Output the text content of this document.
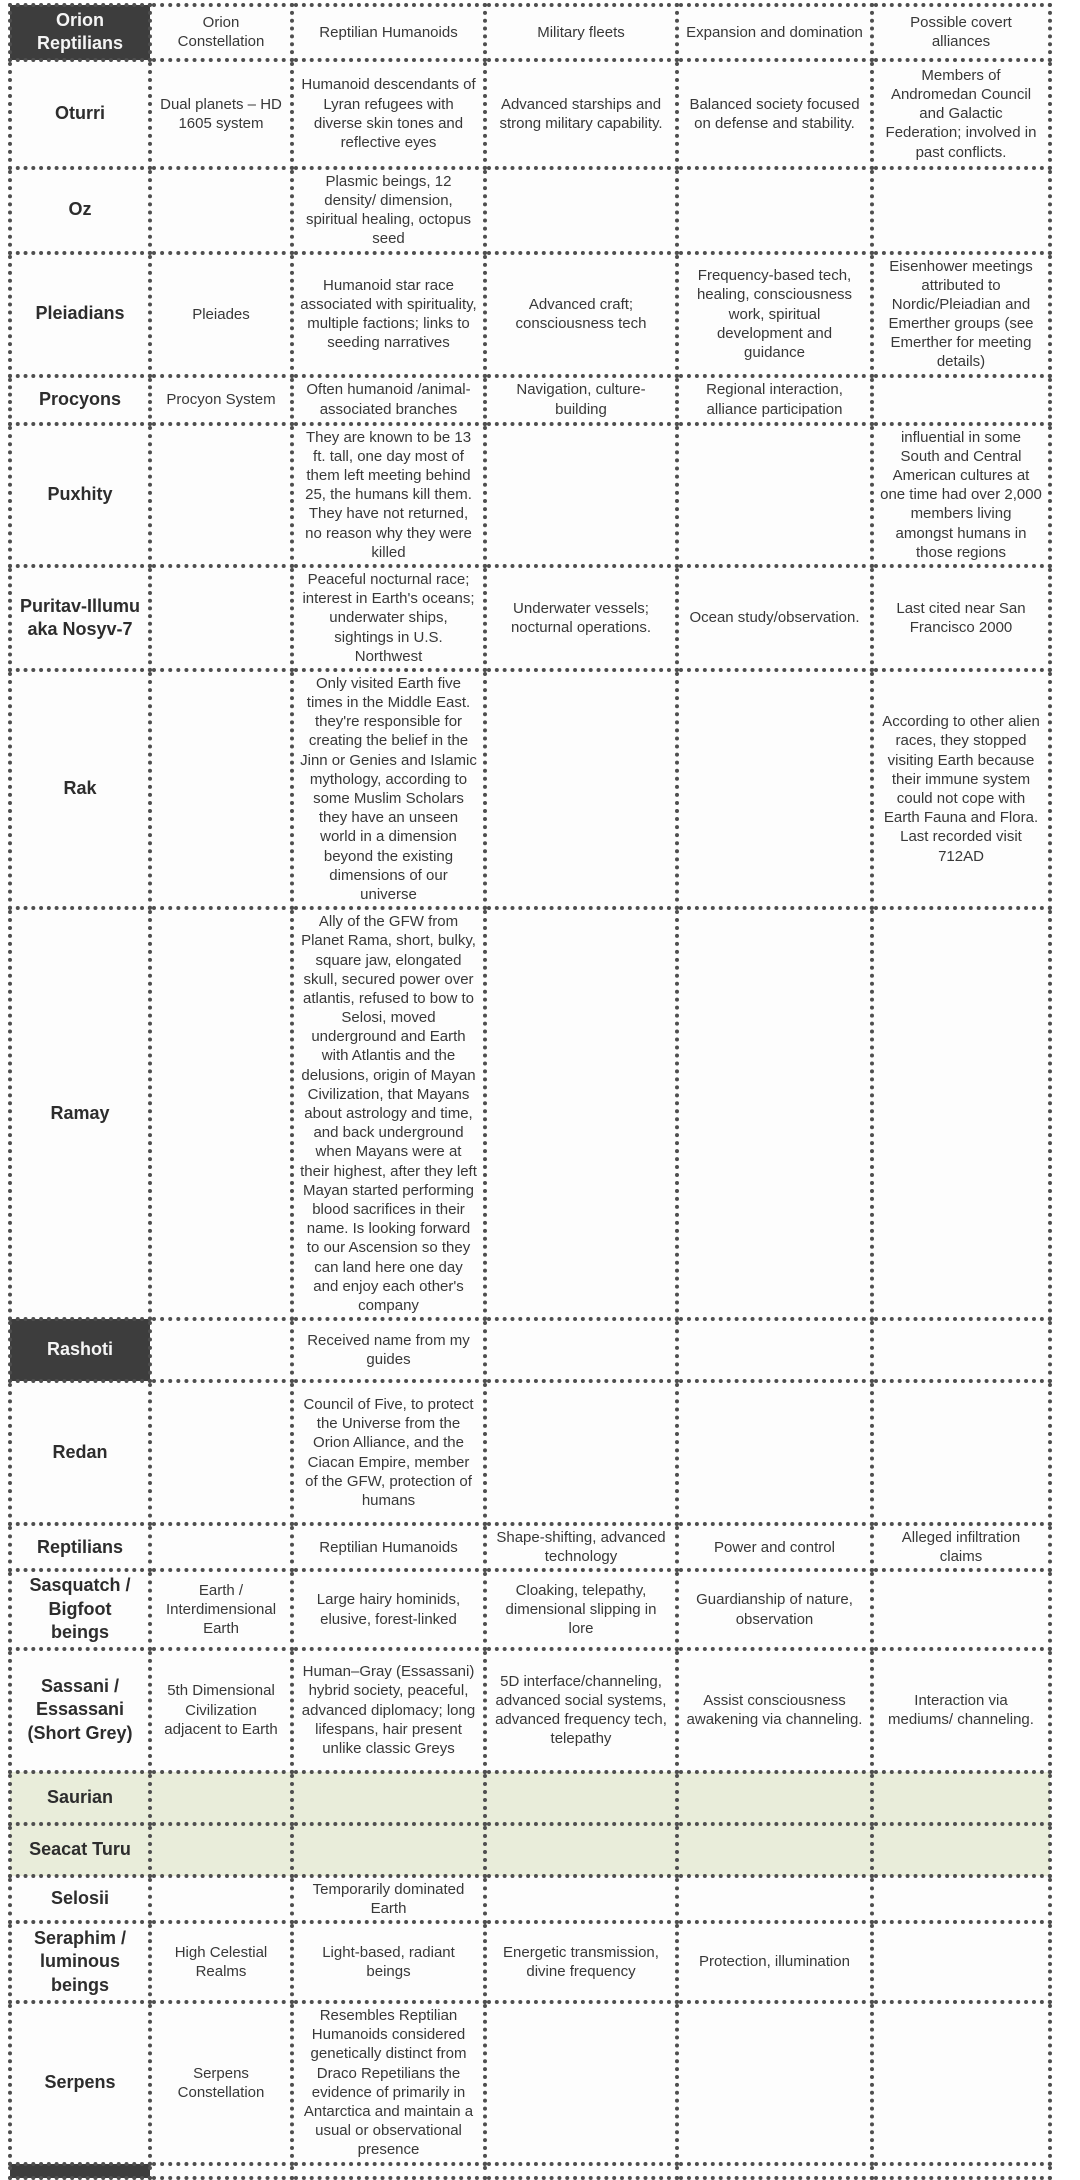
Orion Reptilians	Orion Constellation	Reptilian Humanoids	Military fleets	Expansion and domination	Possible covert alliances
Oturri	Dual planets – HD 1605 system	Humanoid descendants of Lyran refugees with diverse skin tones and reflective eyes	Advanced starships and strong military capability.	Balanced society focused on defense and stability.	Members of Andromedan Council and Galactic Federation; involved in past conflicts.
Oz		Plasmic beings, 12 density/ dimension, spiritual healing, octopus seed			
Pleiadians	Pleiades	Humanoid star race associated with spirituality, multiple factions; links to seeding narratives	Advanced craft; consciousness tech	Frequency-based tech, healing, consciousness work, spiritual development and guidance	Eisenhower meetings attributed to Nordic/Pleiadian and Emerther groups (see Emerther for meeting details)
Procyons	Procyon System	Often humanoid /animal-associated branches	Navigation, culture-building	Regional interaction, alliance participation	
Puxhity		They are known to be 13 ft. tall, one day most of them left meeting behind 25, the humans kill them. They have not returned, no reason why they were killed			influential in some South and Central American cultures at one time had over 2,000 members living amongst humans in those regions
Puritav-Illumu aka Nosyv-7		Peaceful nocturnal race; interest in Earth's oceans; underwater ships, sightings in U.S. Northwest	Underwater vessels; nocturnal operations.	Ocean study/observation.	Last cited near San Francisco 2000
Rak		Only visited Earth five times in the Middle East. they're responsible for creating the belief in the Jinn or Genies and Islamic mythology, according to some Muslim Scholars they have an unseen world in a dimension beyond the existing dimensions of our universe			According to other alien races, they stopped visiting Earth because their immune system could not cope with Earth Fauna and Flora. Last recorded visit 712AD
Ramay		Ally of the GFW from Planet Rama, short, bulky, square jaw, elongated skull, secured power over atlantis, refused to bow to Selosi, moved underground and Earth with Atlantis and the delusions, origin of Mayan Civilization, that Mayans about astrology and time, and back underground when Mayans were at their highest, after they left Mayan started performing blood sacrifices in their name. Is looking forward to our Ascension so they can land here one day and enjoy each other's company			
Rashoti		Received name from my guides			
Redan		Council of Five, to protect the Universe from the Orion Alliance, and the Ciacan Empire, member of the GFW, protection of humans			
Reptilians		Reptilian Humanoids	Shape-shifting, advanced technology	Power and control	Alleged infiltration claims
Sasquatch / Bigfoot beings	Earth / Interdimensional Earth	Large hairy hominids, elusive, forest-linked	Cloaking, telepathy, dimensional slipping in lore	Guardianship of nature, observation	
Sassani / Essassani (Short Grey)	5th Dimensional Civilization adjacent to Earth	Human–Gray (Essassani) hybrid society, peaceful, advanced diplomacy; long lifespans, hair present unlike classic Greys	5D interface/channeling, advanced social systems, advanced frequency tech, telepathy	Assist consciousness awakening via channeling.	Interaction via mediums/ channeling.
Saurian					
Seacat Turu					
Selosii		Temporarily dominated Earth			
Seraphim / luminous beings	High Celestial Realms	Light-based, radiant beings	Energetic transmission, divine frequency	Protection, illumination	
Serpens	Serpens Constellation	Resembles Reptilian Humanoids considered genetically distinct from Draco Repetilians the evidence of primarily in Antarctica and maintain a usual or observational presence			
